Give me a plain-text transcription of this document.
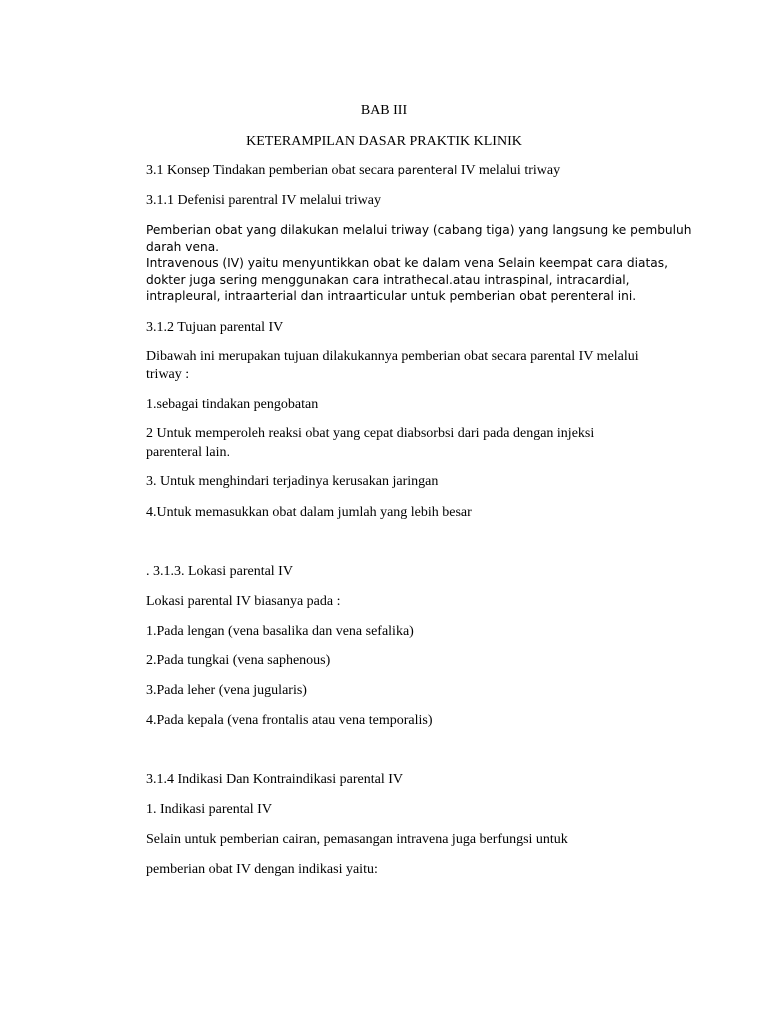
BAB III
KETERAMPILAN DASAR PRAKTIK KLINIK
3.1 Konsep Tindakan pemberian obat secara parenteral IV melalui triway
3.1.1 Defenisi parentral IV melalui triway
Pemberian obat yang dilakukan melalui triway (cabang tiga) yang langsung ke pembuluh
darah vena.
Intravenous (IV) yaitu menyuntikkan obat ke dalam vena Selain keempat cara diatas,
dokter juga sering menggunakan cara intrathecal.atau intraspinal, intracardial,
intrapleural, intraarterial dan intraarticular untuk pemberian obat perenteral ini.
3.1.2 Tujuan parental IV
Dibawah ini merupakan tujuan dilakukannya pemberian obat secara parental IV melalui triway :
1.sebagai tindakan pengobatan
2 Untuk memperoleh reaksi obat yang cepat diabsorbsi dari pada dengan injeksi parenteral lain.
3. Untuk menghindari terjadinya kerusakan jaringan
4.Untuk memasukkan obat dalam jumlah yang lebih besar
. 3.1.3. Lokasi parental IV
Lokasi parental IV biasanya pada :
1.Pada lengan (vena basalika dan vena sefalika)
2.Pada tungkai (vena saphenous)
3.Pada leher (vena jugularis)
4.Pada kepala (vena frontalis atau vena temporalis)
3.1.4 Indikasi Dan Kontraindikasi parental IV
1. Indikasi parental IV
Selain untuk pemberian cairan, pemasangan intravena juga berfungsi untuk
pemberian obat IV dengan indikasi yaitu:
